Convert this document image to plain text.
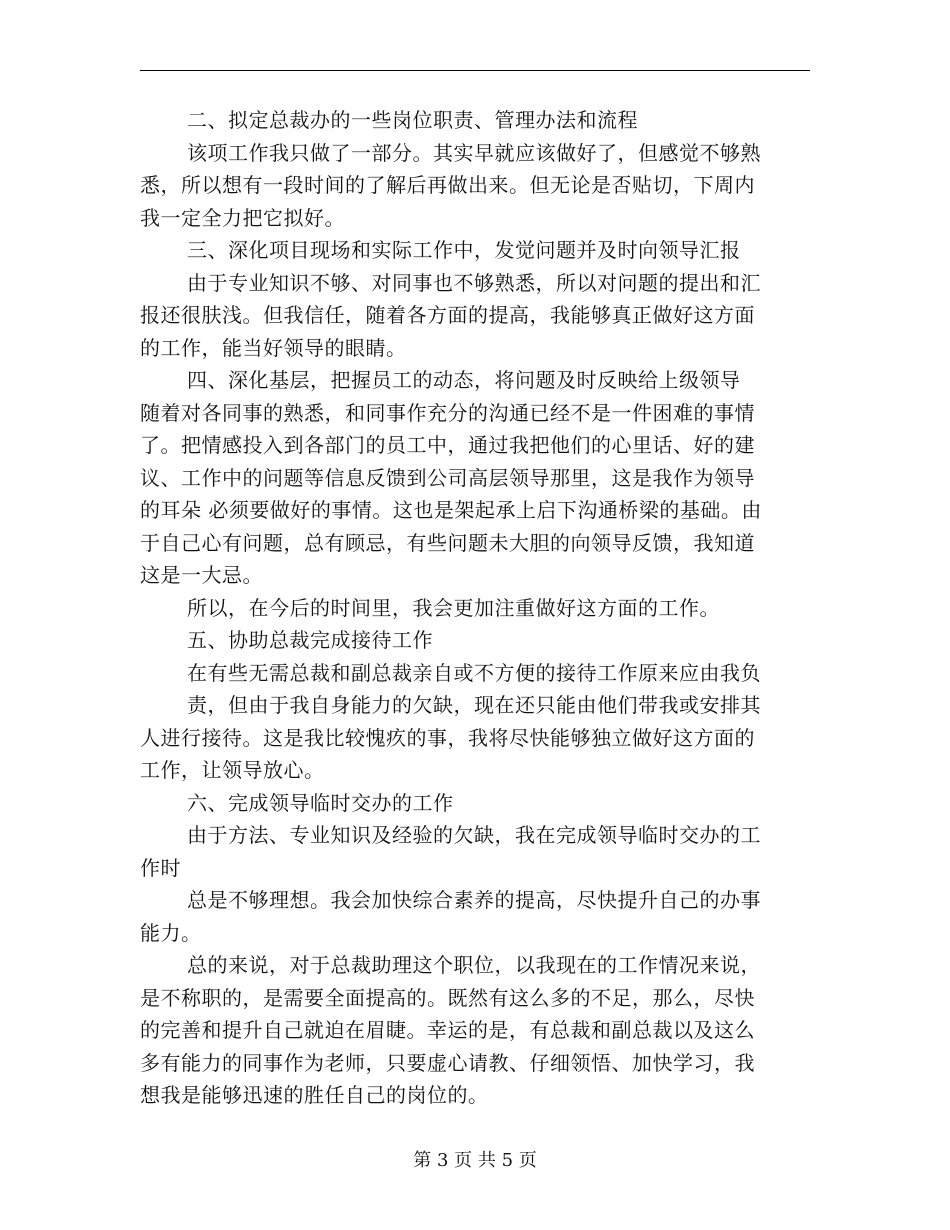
二、拟定总裁办的一些岗位职责、管理办法和流程
该项工作我只做了一部分。其实早就应该做好了，但感觉不够熟
悉，所以想有一段时间的了解后再做出来。但无论是否贴切，下周内
我一定全力把它拟好。
三、深化项目现场和实际工作中，发觉问题并及时向领导汇报
由于专业知识不够、对同事也不够熟悉，所以对问题的提出和汇
报还很肤浅。但我信任，随着各方面的提高，我能够真正做好这方面
的工作，能当好领导的眼睛。
四、深化基层，把握员工的动态，将问题及时反映给上级领导
随着对各同事的熟悉，和同事作充分的沟通已经不是一件困难的事情
了。把情感投入到各部门的员工中，通过我把他们的心里话、好的建
议、工作中的问题等信息反馈到公司高层领导那里，这是我作为领导
的耳朵 必须要做好的事情。这也是架起承上启下沟通桥梁的基础。由
于自己心有问题，总有顾忌，有些问题未大胆的向领导反馈，我知道
这是一大忌。
所以，在今后的时间里，我会更加注重做好这方面的工作。
五、协助总裁完成接待工作
在有些无需总裁和副总裁亲自或不方便的接待工作原来应由我负
责，但由于我自身能力的欠缺，现在还只能由他们带我或安排其
人进行接待。这是我比较愧疚的事，我将尽快能够独立做好这方面的
工作，让领导放心。
六、完成领导临时交办的工作
由于方法、专业知识及经验的欠缺，我在完成领导临时交办的工
作时
总是不够理想。我会加快综合素养的提高，尽快提升自己的办事
能力。
总的来说，对于总裁助理这个职位，以我现在的工作情况来说，
是不称职的，是需要全面提高的。既然有这么多的不足，那么，尽快
的完善和提升自己就迫在眉睫。幸运的是，有总裁和副总裁以及这么
多有能力的同事作为老师，只要虚心请教、仔细领悟、加快学习，我
想我是能够迅速的胜任自己的岗位的。
第 3 页 共 5 页
